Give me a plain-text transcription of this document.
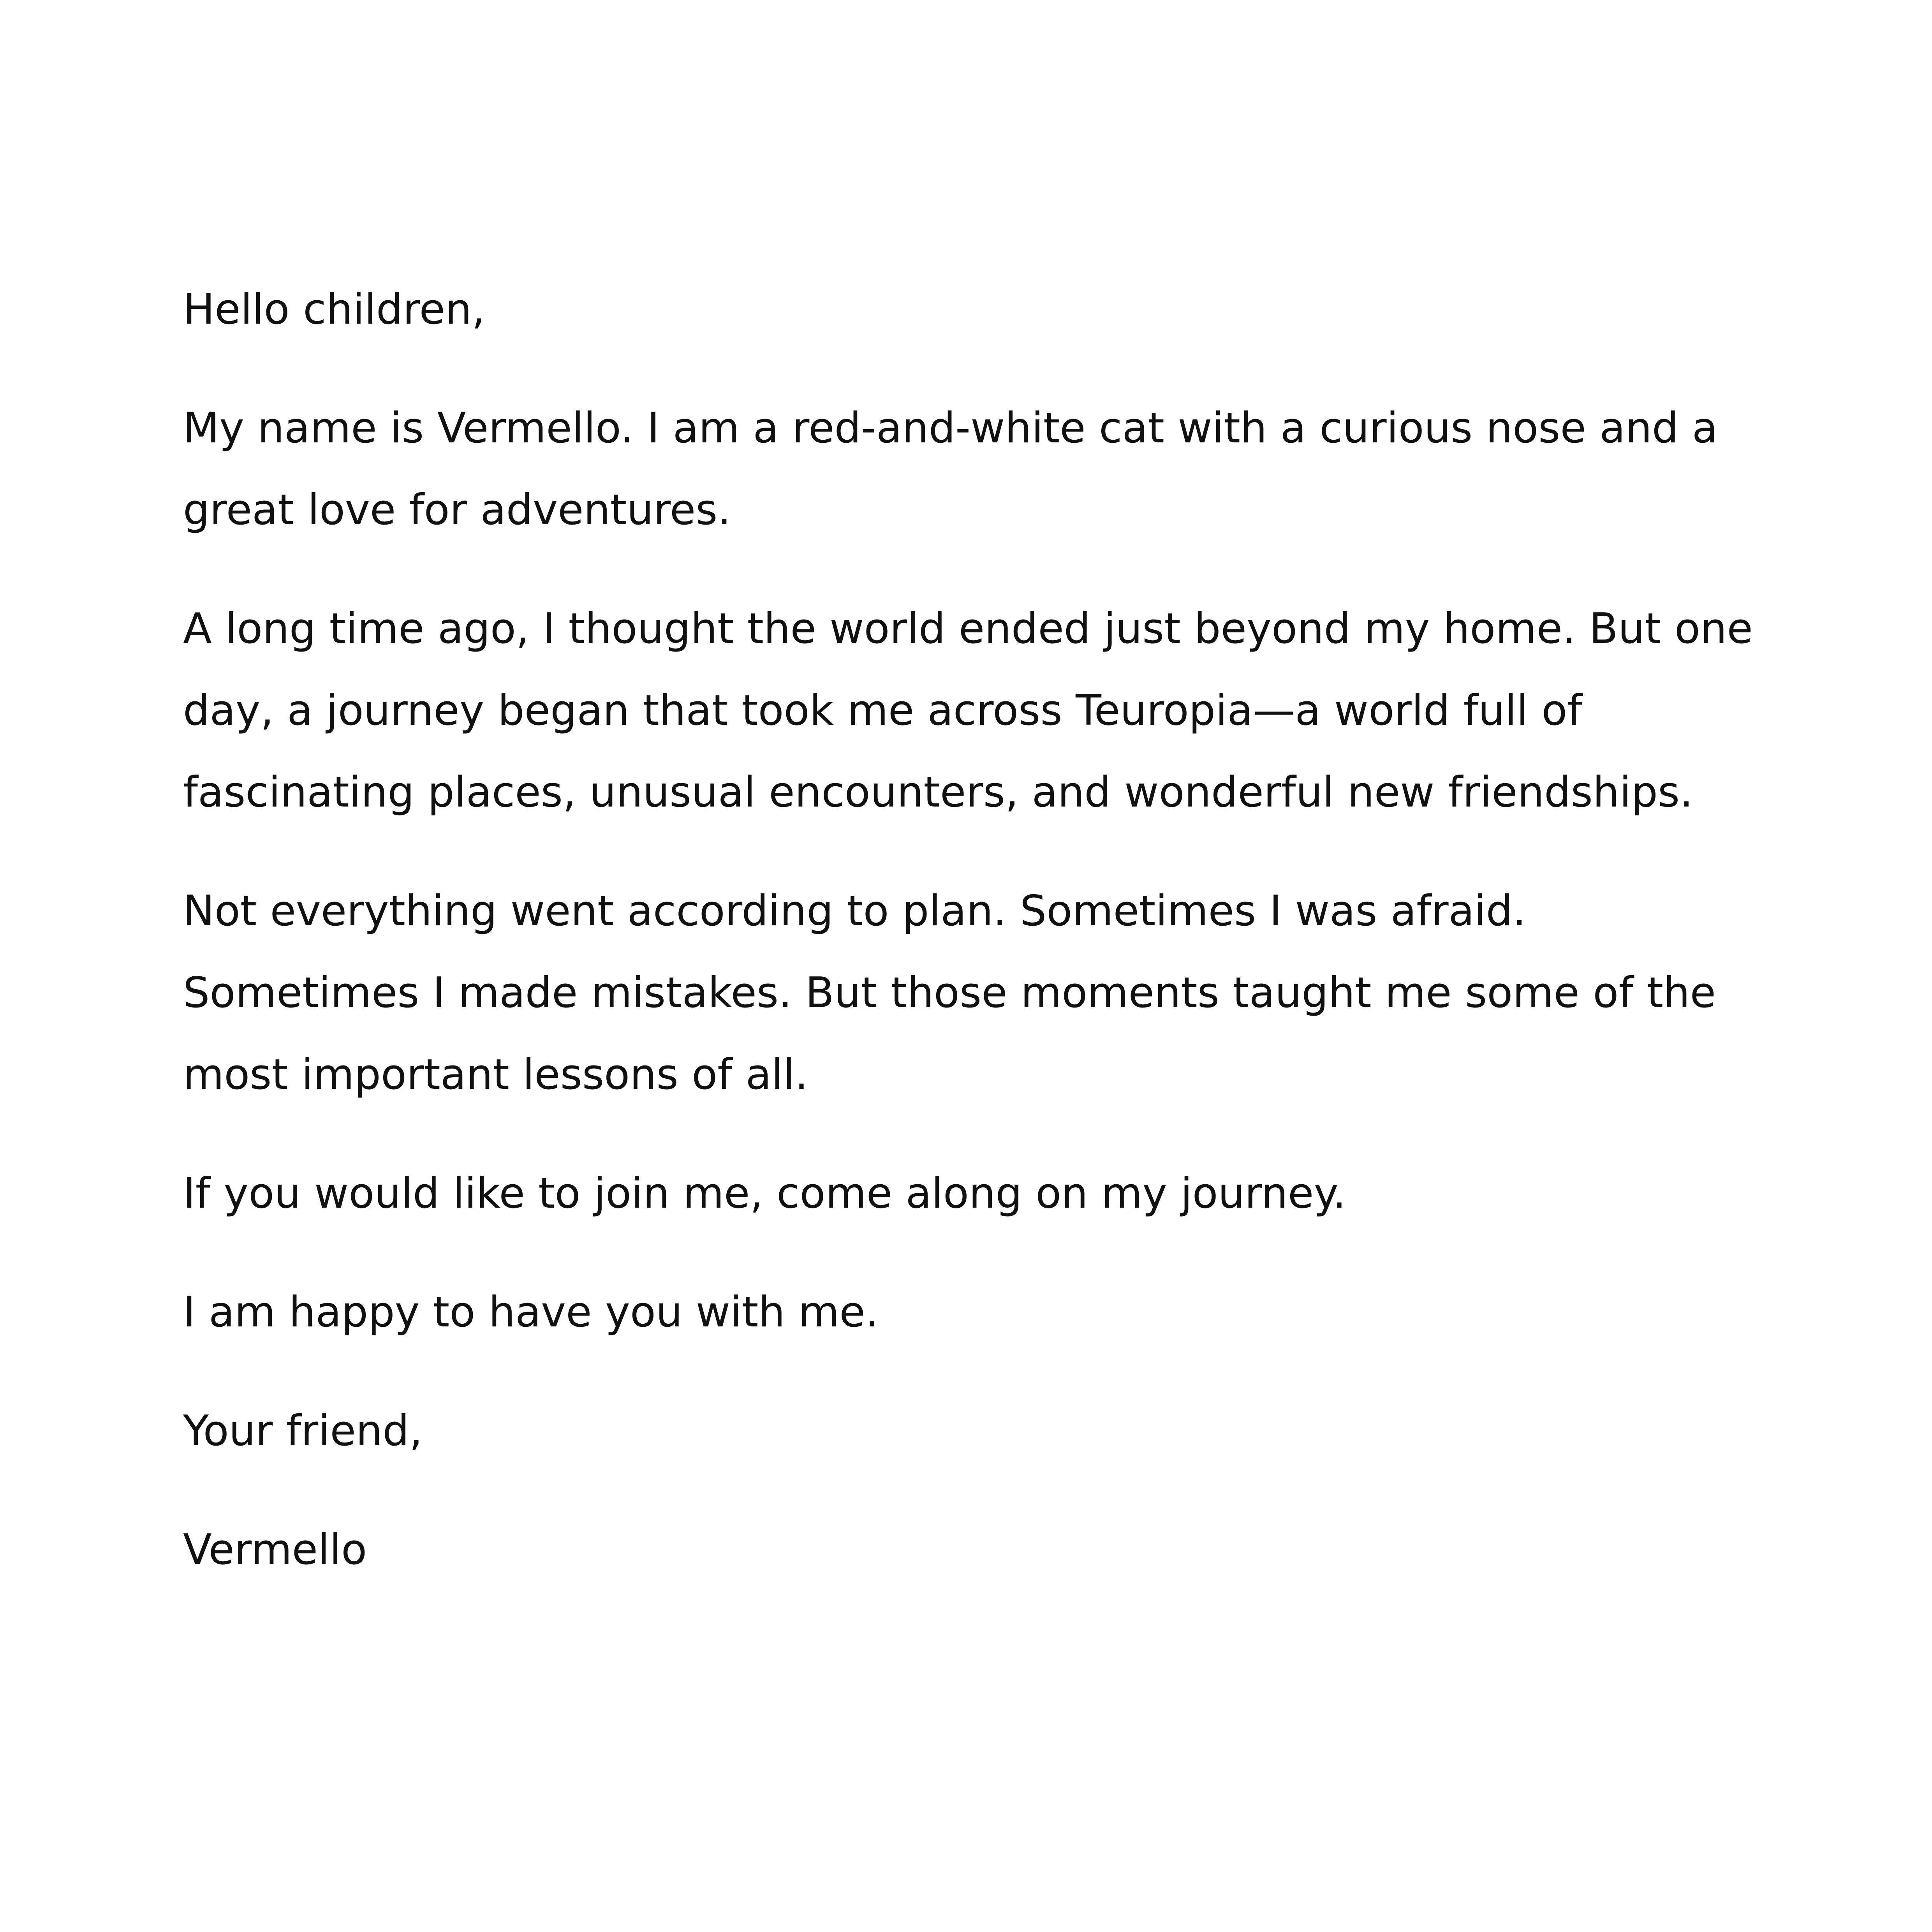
Hello children,

My name is Vermello. I am a red-and-white cat with a curious nose and a
great love for adventures.

A long time ago, I thought the world ended just beyond my home. But one
day, a journey began that took me across Teuropia—a world full of
fascinating places, unusual encounters, and wonderful new friendships.

Not everything went according to plan. Sometimes I was afraid.
Sometimes I made mistakes. But those moments taught me some of the
most important lessons of all.

If you would like to join me, come along on my journey.

I am happy to have you with me.

Your friend,

Vermello
